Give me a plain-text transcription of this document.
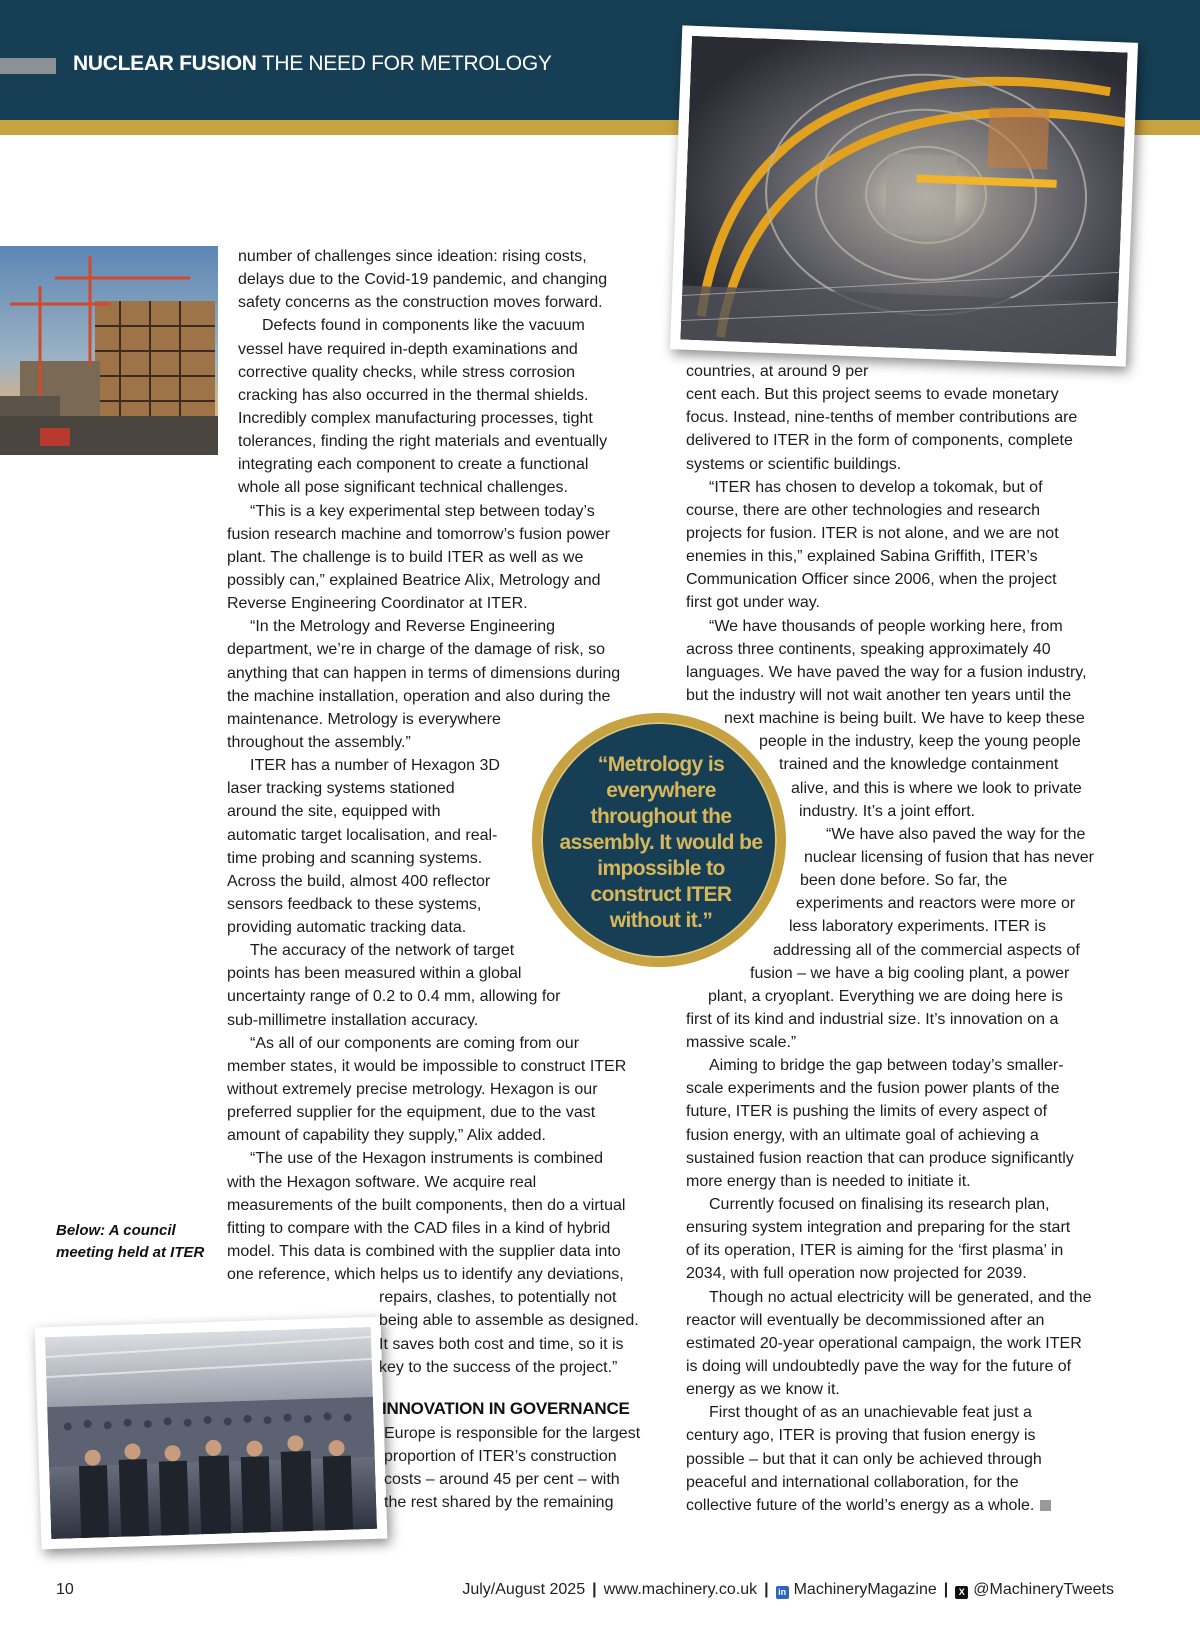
NUCLEAR FUSION THE NEED FOR METROLOGY
Below: A council meeting held at ITER
“Metrology is
everywhere
throughout the
assembly. It would be
impossible to
construct ITER
without it.”
INNOVATION IN GOVERNANCE
number of challenges since ideation: rising costs,
delays due to the Covid-19 pandemic, and changing
safety concerns as the construction moves forward.
Defects found in components like the vacuum
vessel have required in-depth examinations and
corrective quality checks, while stress corrosion
cracking has also occurred in the thermal shields.
Incredibly complex manufacturing processes, tight
tolerances, finding the right materials and eventually
integrating each component to create a functional
whole all pose significant technical challenges.
“This is a key experimental step between today’s
fusion research machine and tomorrow’s fusion power
plant. The challenge is to build ITER as well as we
possibly can,” explained Beatrice Alix, Metrology and
Reverse Engineering Coordinator at ITER.
“In the Metrology and Reverse Engineering
department, we’re in charge of the damage of risk, so
anything that can happen in terms of dimensions during
the machine installation, operation and also during the
maintenance. Metrology is everywhere
throughout the assembly.”
ITER has a number of Hexagon 3D
laser tracking systems stationed
around the site, equipped with
automatic target localisation, and real-
time probing and scanning systems.
Across the build, almost 400 reflector
sensors feedback to these systems,
providing automatic tracking data.
The accuracy of the network of target
points has been measured within a global
uncertainty range of 0.2 to 0.4 mm, allowing for
sub-millimetre installation accuracy.
“As all of our components are coming from our
member states, it would be impossible to construct ITER
without extremely precise metrology. Hexagon is our
preferred supplier for the equipment, due to the vast
amount of capability they supply,” Alix added.
“The use of the Hexagon instruments is combined
with the Hexagon software. We acquire real
measurements of the built components, then do a virtual
fitting to compare with the CAD files in a kind of hybrid
model. This data is combined with the supplier data into
one reference, which helps us to identify any deviations,
repairs, clashes, to potentially not
being able to assemble as designed.
It saves both cost and time, so it is
key to the success of the project.”
Europe is responsible for the largest
proportion of ITER’s construction
costs – around 45 per cent – with
the rest shared by the remaining
countries, at around 9 per
cent each. But this project seems to evade monetary
focus. Instead, nine-tenths of member contributions are
delivered to ITER in the form of components, complete
systems or scientific buildings.
“ITER has chosen to develop a tokomak, but of
course, there are other technologies and research
projects for fusion. ITER is not alone, and we are not
enemies in this,” explained Sabina Griffith, ITER’s
Communication Officer since 2006, when the project
first got under way.
“We have thousands of people working here, from
across three continents, speaking approximately 40
languages. We have paved the way for a fusion industry,
but the industry will not wait another ten years until the
next machine is being built. We have to keep these
people in the industry, keep the young people
trained and the knowledge containment
alive, and this is where we look to private
industry. It’s a joint effort.
“We have also paved the way for the
nuclear licensing of fusion that has never
been done before. So far, the
experiments and reactors were more or
less laboratory experiments. ITER is
addressing all of the commercial aspects of
fusion – we have a big cooling plant, a power
plant, a cryoplant. Everything we are doing here is
first of its kind and industrial size. It’s innovation on a
massive scale.”
Aiming to bridge the gap between today’s smaller-
scale experiments and the fusion power plants of the
future, ITER is pushing the limits of every aspect of
fusion energy, with an ultimate goal of achieving a
sustained fusion reaction that can produce significantly
more energy than is needed to initiate it.
Currently focused on finalising its research plan,
ensuring system integration and preparing for the start
of its operation, ITER is aiming for the ‘first plasma’ in
2034, with full operation now projected for 2039.
Though no actual electricity will be generated, and the
reactor will eventually be decommissioned after an
estimated 20-year operational campaign, the work ITER
is doing will undoubtedly pave the way for the future of
energy as we know it.
First thought of as an unachievable feat just a
century ago, ITER is proving that fusion energy is
possible – but that it can only be achieved through
peaceful and international collaboration, for the
collective future of the world’s energy as a whole.
10	July/August 2025 | www.machinery.co.uk | in MachineryMagazine | X @MachineryTweets
